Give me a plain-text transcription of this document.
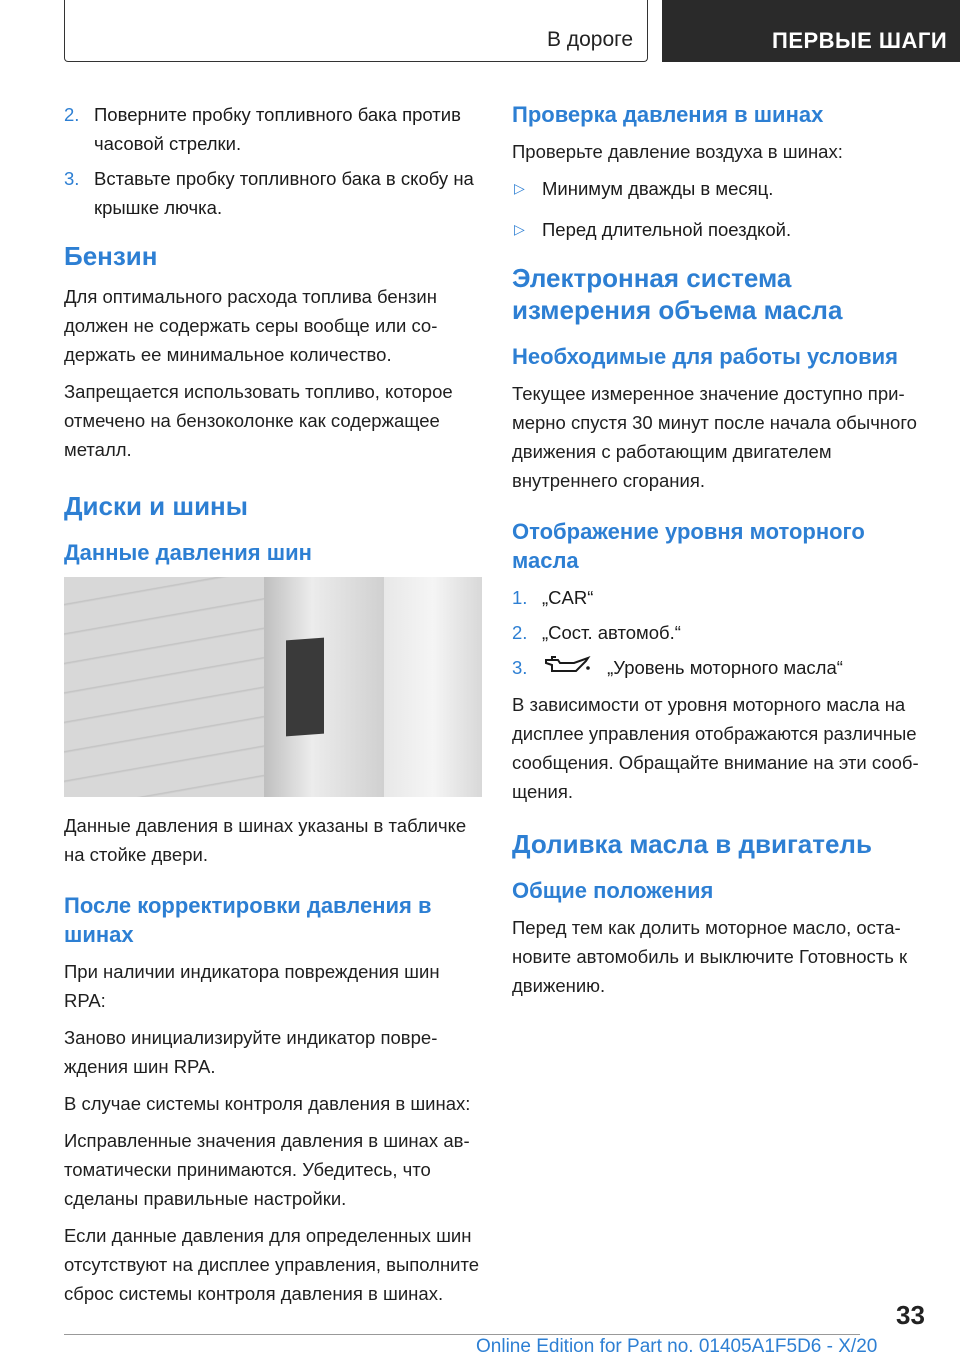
В дороге	ПЕРВЫЕ ШАГИ
2. Поверните пробку топливного бака против часовой стрелки.
3. Вставьте пробку топливного бака в скобу на крышке лючка.
Бензин

Для оптимального расхода топлива бензин должен не содержать серы вообще или содержать ее минимальное количество.

Запрещается использовать топливо, которое отмечено на бензоколонке как содержащее металл.

Диски и шины
Данные давления шин

Данные давления в шинах указаны в табличке на стойке двери.

После корректировки давления в шинах

При наличии индикатора повреждения шин RPA:

Заново инициализируйте индикатор повреждения шин RPA.

В случае системы контроля давления в шинах:

Исправленные значения давления в шинах автоматически принимаются. Убедитесь, что сделаны правильные настройки.

Если данные давления для определенных шин отсутствуют на дисплее управления, выполните сброс системы контроля давления в шинах.

Проверка давления в шинах

Проверьте давление воздуха в шинах:

▷ Минимум дважды в месяц.
▷ Перед длительной поездкой.
Электронная система измерения объема масла
Необходимые для работы условия

Текущее измеренное значение доступно примерно спустя 30 минут после начала обычного движения с работающим двигателем внутреннего сгорания.

Отображение уровня моторного масла
1. „CAR“
2. „Сост. автомоб.“
3.	„Уровень моторного масла“

В зависимости от уровня моторного масла на дисплее управления отображаются различные сообщения. Обращайте внимание на эти сообщения.

Доливка масла в двигатель
Общие положения

Перед тем как долить моторное масло, остановите автомобиль и выключите Готовность к движению.

33
Online Edition for Part no. 01405A1F5D6 - X/20
